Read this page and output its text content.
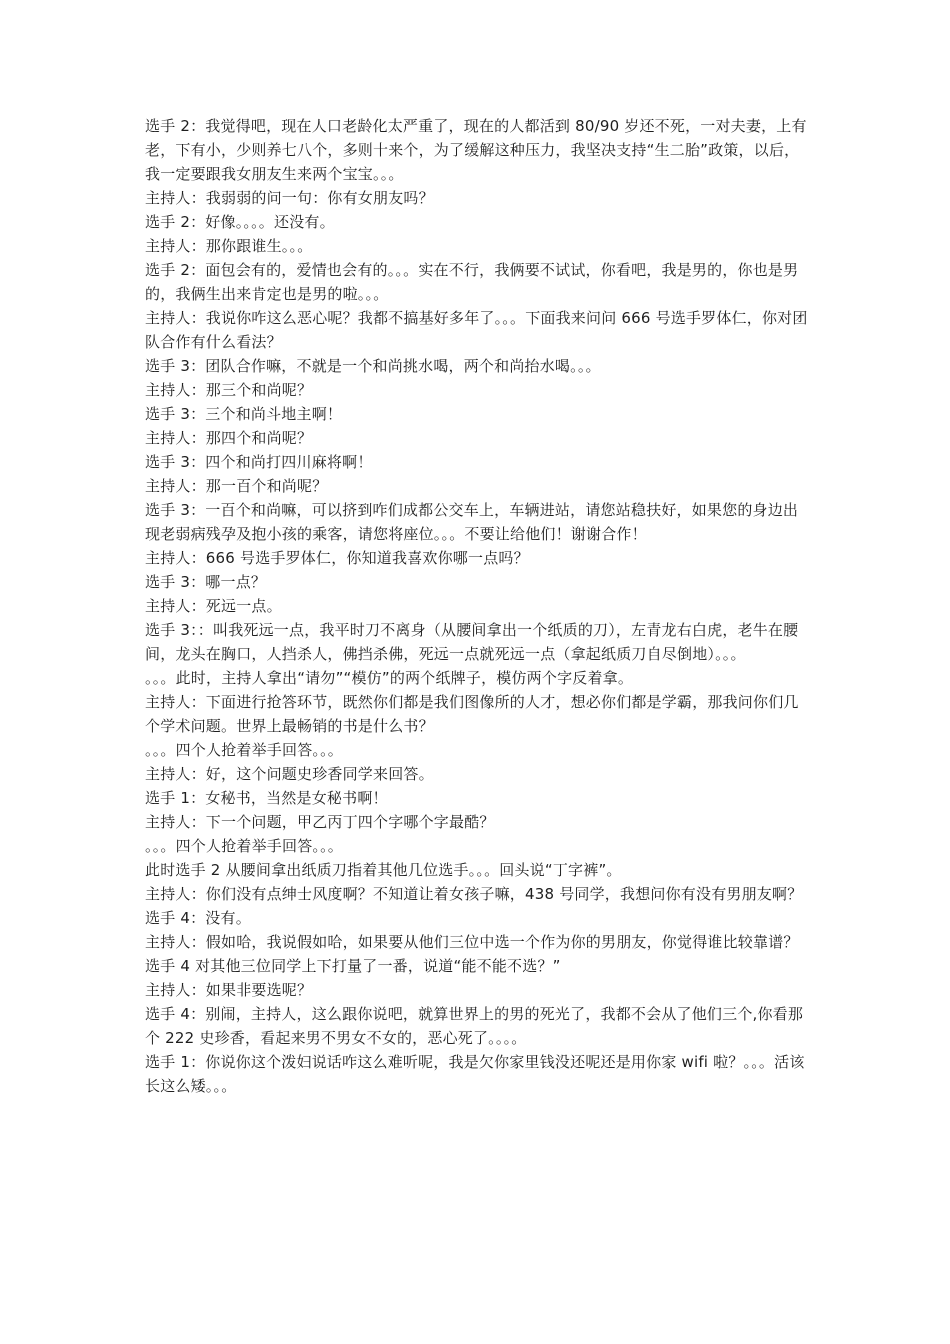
选手 2：我觉得吧，现在人口老龄化太严重了，现在的人都活到 80/90 岁还不死，一对夫妻，上有老，下有小，少则养七八个，多则十来个，为了缓解这种压力，我坚决支持“生二胎”政策，以后，我一定要跟我女朋友生来两个宝宝。。。

主持人：我弱弱的问一句：你有女朋友吗？

选手 2：好像。。。。还没有。

主持人：那你跟谁生。。。

选手 2：面包会有的，爱情也会有的。。。实在不行，我俩要不试试，你看吧，我是男的，你也是男的，我俩生出来肯定也是男的啦。。。

主持人：我说你咋这么恶心呢？我都不搞基好多年了。。。下面我来问问 666 号选手罗体仁，你对团队合作有什么看法？

选手 3：团队合作嘛，不就是一个和尚挑水喝，两个和尚抬水喝。。。

主持人：那三个和尚呢？

选手 3：三个和尚斗地主啊！

主持人：那四个和尚呢？

选手 3：四个和尚打四川麻将啊！

主持人：那一百个和尚呢？

选手 3：一百个和尚嘛，可以挤到咋们成都公交车上，车辆进站，请您站稳扶好，如果您的身边出现老弱病残孕及抱小孩的乘客，请您将座位。。。不要让给他们！谢谢合作！

主持人：666 号选手罗体仁，你知道我喜欢你哪一点吗？

选手 3：哪一点？

主持人：死远一点。

选手 3：：叫我死远一点，我平时刀不离身（从腰间拿出一个纸质的刀），左青龙右白虎，老牛在腰间，龙头在胸口，人挡杀人，佛挡杀佛，死远一点就死远一点（拿起纸质刀自尽倒地）。。。

。。。此时，主持人拿出“请勿”“模仿”的两个纸牌子，模仿两个字反着拿。

主持人：下面进行抢答环节，既然你们都是我们图像所的人才，想必你们都是学霸，那我问你们几个学术问题。世界上最畅销的书是什么书？

。。。四个人抢着举手回答。。。

主持人：好，这个问题史珍香同学来回答。

选手 1：女秘书，当然是女秘书啊！

主持人：下一个问题，甲乙丙丁四个字哪个字最酷？

。。。四个人抢着举手回答。。。

此时选手 2 从腰间拿出纸质刀指着其他几位选手。。。回头说“丁字裤”。

主持人：你们没有点绅士风度啊？不知道让着女孩子嘛，438 号同学，我想问你有没有男朋友啊？

选手 4：没有。

主持人：假如哈，我说假如哈，如果要从他们三位中选一个作为你的男朋友，你觉得谁比较靠谱？

选手 4 对其他三位同学上下打量了一番，说道“能不能不选？”

主持人：如果非要选呢？

选手 4：别闹，主持人，这么跟你说吧，就算世界上的男的死光了，我都不会从了他们三个,你看那个 222 史珍香，看起来男不男女不女的，恶心死了。。。。

选手 1：你说你这个泼妇说话咋这么难听呢，我是欠你家里钱没还呢还是用你家 wifi 啦？。。。活该长这么矮。。。
